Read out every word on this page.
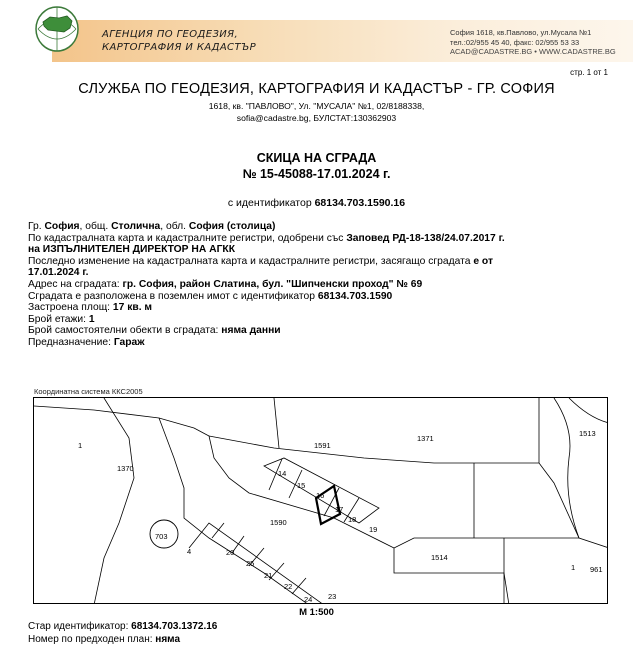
АГЕНЦИЯ ПО ГЕОДЕЗИЯ,
КАРТОГРАФИЯ И КАДАСТЪР
София 1618, кв.Павлово, ул.Мусала №1
тел.:02/955 45 40, факс: 02/955 53 33
ACAD@CADASTRE.BG • WWW.CADASTRE.BG
стр. 1 от 1
СЛУЖБА ПО ГЕОДЕЗИЯ, КАРТОГРАФИЯ И КАДАСТЪР - ГР. СОФИЯ
1618, кв. "ПАВЛОВО", Ул. "МУСАЛА" №1, 02/8188338,
sofia@cadastre.bg, БУЛСТАТ:130362903
СКИЦА НА СГРАДА
№ 15-45088-17.01.2024 г.
с идентификатор 68134.703.1590.16
Гр. София, общ. Столична, обл. София (столица)
По кадастралната карта и кадастралните регистри, одобрени със Заповед РД-18-138/24.07.2017 г.
на ИЗПЪЛНИТЕЛЕН ДИРЕКТОР НА АГКК
Последно изменение на кадастралната карта и кадастралните регистри, засягащо сградата е от
17.01.2024 г.
Адрес на сградата: гр. София, район Слатина, бул. "Шипченски проход" № 69
Сградата е разположена в поземлен имот с идентификатор 68134.703.1590
Застроена площ: 17 кв. м
Брой етажи: 1
Брой самостоятелни обекти в сградата: няма данни
Предназначение: Гараж
Координатна система ККС2005
1
1370
1591
1371
1513
14
15
16
17
18
19
1590
703
4	20
25
21
22
24 23
1514
1 961
М 1:500
Стар идентификатор: 68134.703.1372.16
Номер по предходен план: няма
